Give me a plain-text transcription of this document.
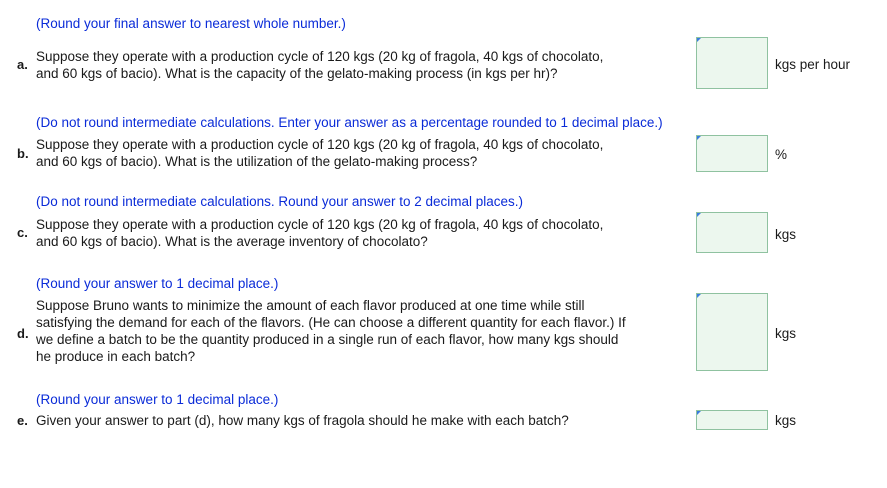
(Round your final answer to nearest whole number.)
a.
Suppose they operate with a production cycle of 120 kgs (20 kg of fragola, 40 kgs of chocolato,
and 60 kgs of bacio). What is the capacity of the gelato-making process (in kgs per hr)?
kgs per hour
(Do not round intermediate calculations. Enter your answer as a percentage rounded to 1 decimal place.)
b.
Suppose they operate with a production cycle of 120 kgs (20 kg of fragola, 40 kgs of chocolato,
and 60 kgs of bacio). What is the utilization of the gelato-making process?	%
(Do not round intermediate calculations. Round your answer to 2 decimal places.)
c.
Suppose they operate with a production cycle of 120 kgs (20 kg of fragola, 40 kgs of chocolato,
and 60 kgs of bacio). What is the average inventory of chocolato?	kgs
(Round your answer to 1 decimal place.)
d.
Suppose Bruno wants to minimize the amount of each flavor produced at one time while still
satisfying the demand for each of the flavors. (He can choose a different quantity for each flavor.) If
we define a batch to be the quantity produced in a single run of each flavor, how many kgs should
he produce in each batch?
kgs
(Round your answer to 1 decimal place.)
e. Given your answer to part (d), how many kgs of fragola should he make with each batch?	kgs
